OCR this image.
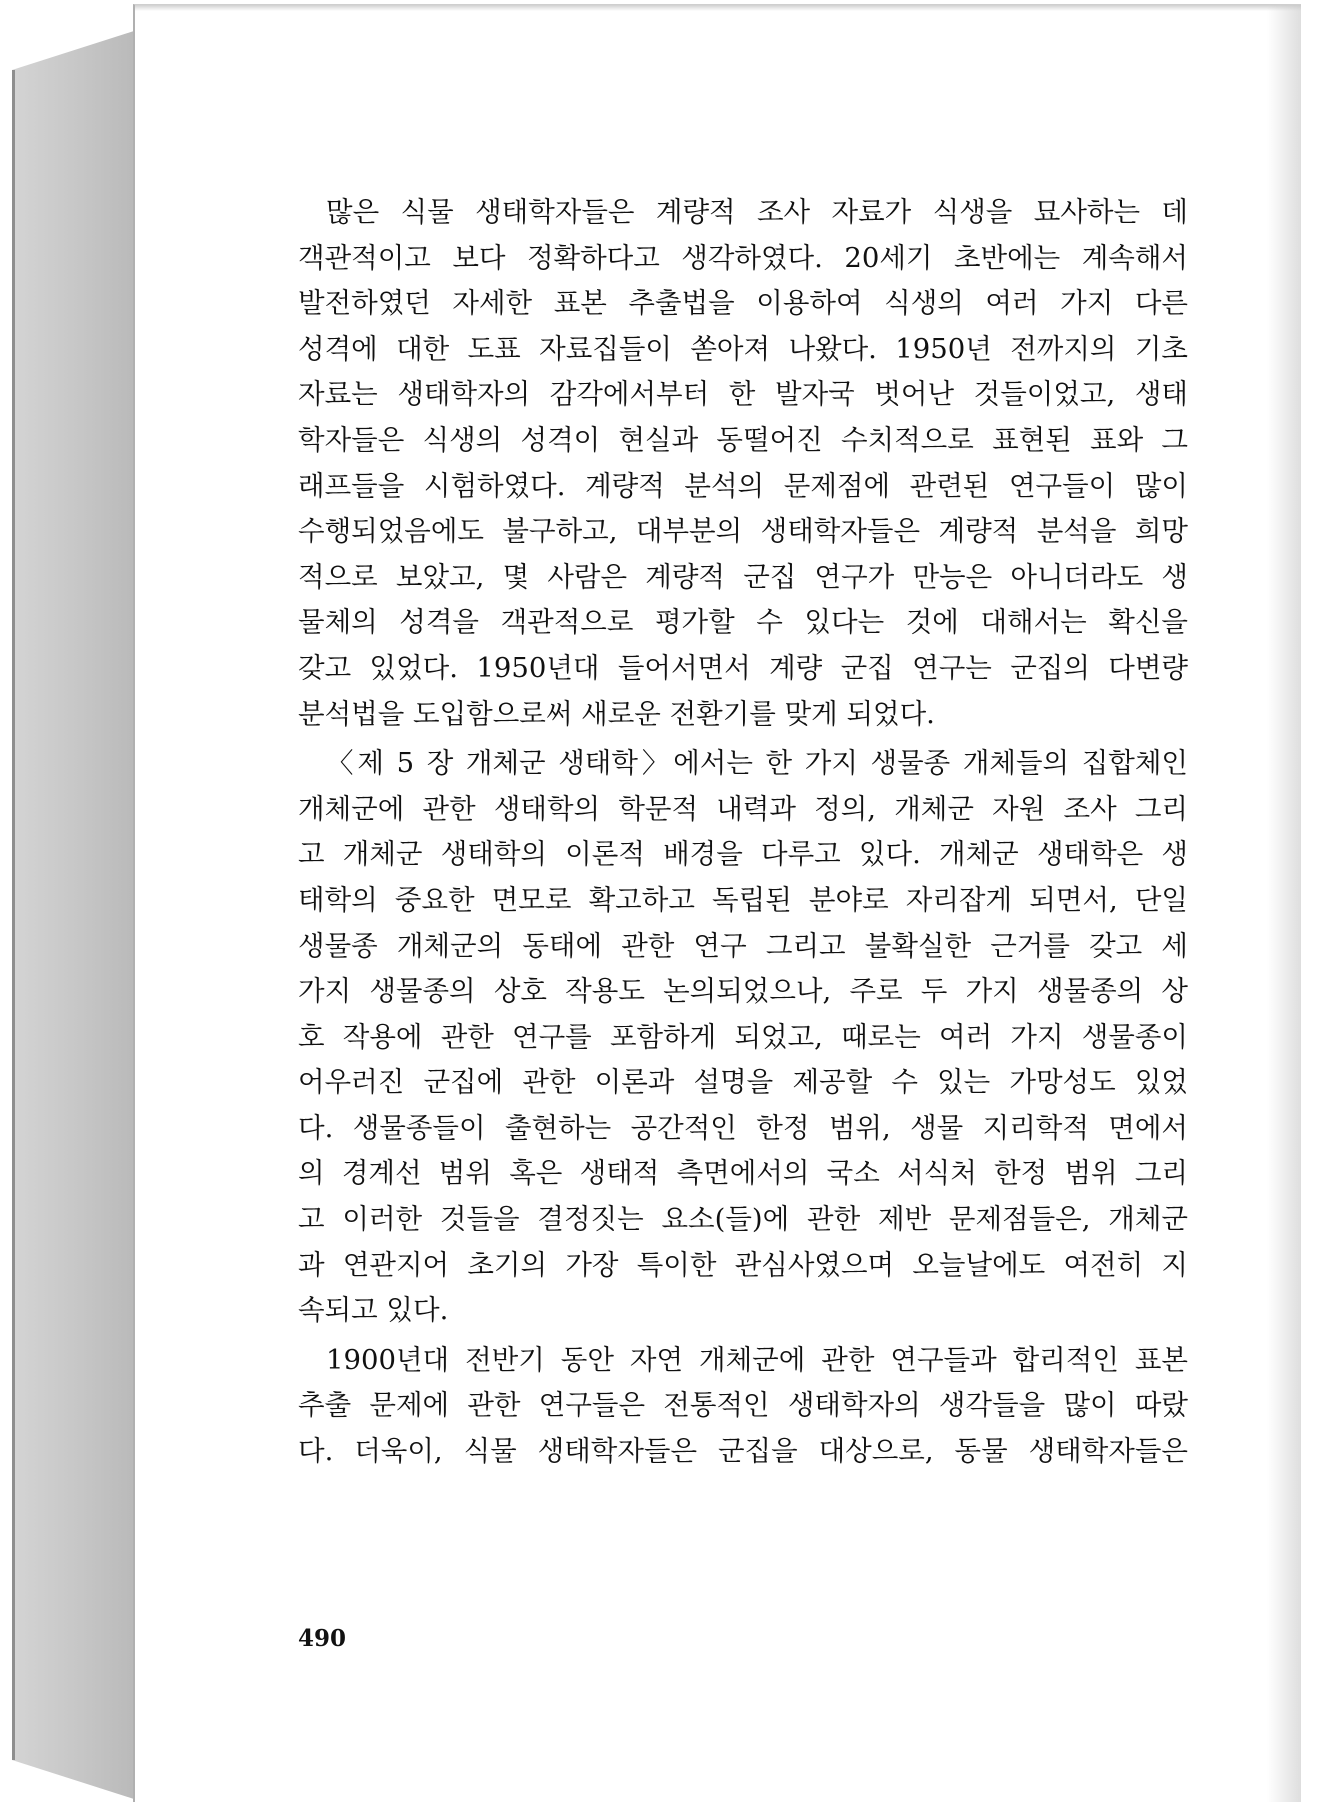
많은 식물 생태학자들은 계량적 조사 자료가 식생을 묘사하는 데
객관적이고 보다 정확하다고 생각하였다. 20세기 초반에는 계속해서
발전하였던 자세한 표본 추출법을 이용하여 식생의 여러 가지 다른
성격에 대한 도표 자료집들이 쏟아져 나왔다. 1950년 전까지의 기초
자료는 생태학자의 감각에서부터 한 발자국 벗어난 것들이었고, 생태
학자들은 식생의 성격이 현실과 동떨어진 수치적으로 표현된 표와 그
래프들을 시험하였다. 계량적 분석의 문제점에 관련된 연구들이 많이
수행되었음에도 불구하고, 대부분의 생태학자들은 계량적 분석을 희망
적으로 보았고, 몇 사람은 계량적 군집 연구가 만능은 아니더라도 생
물체의 성격을 객관적으로 평가할 수 있다는 것에 대해서는 확신을
갖고 있었다. 1950년대 들어서면서 계량 군집 연구는 군집의 다변량
분석법을 도입함으로써 새로운 전환기를 맞게 되었다.
〈제 5 장 개체군 생태학〉에서는 한 가지 생물종 개체들의 집합체인
개체군에 관한 생태학의 학문적 내력과 정의, 개체군 자원 조사 그리
고 개체군 생태학의 이론적 배경을 다루고 있다. 개체군 생태학은 생
태학의 중요한 면모로 확고하고 독립된 분야로 자리잡게 되면서, 단일
생물종 개체군의 동태에 관한 연구 그리고 불확실한 근거를 갖고 세
가지 생물종의 상호 작용도 논의되었으나, 주로 두 가지 생물종의 상
호 작용에 관한 연구를 포함하게 되었고, 때로는 여러 가지 생물종이
어우러진 군집에 관한 이론과 설명을 제공할 수 있는 가망성도 있었
다. 생물종들이 출현하는 공간적인 한정 범위, 생물 지리학적 면에서
의 경계선 범위 혹은 생태적 측면에서의 국소 서식처 한정 범위 그리
고 이러한 것들을 결정짓는 요소(들)에 관한 제반 문제점들은, 개체군
과 연관지어 초기의 가장 특이한 관심사였으며 오늘날에도 여전히 지
속되고 있다.
1900년대 전반기 동안 자연 개체군에 관한 연구들과 합리적인 표본
추출 문제에 관한 연구들은 전통적인 생태학자의 생각들을 많이 따랐
다. 더욱이, 식물 생태학자들은 군집을 대상으로, 동물 생태학자들은
490
